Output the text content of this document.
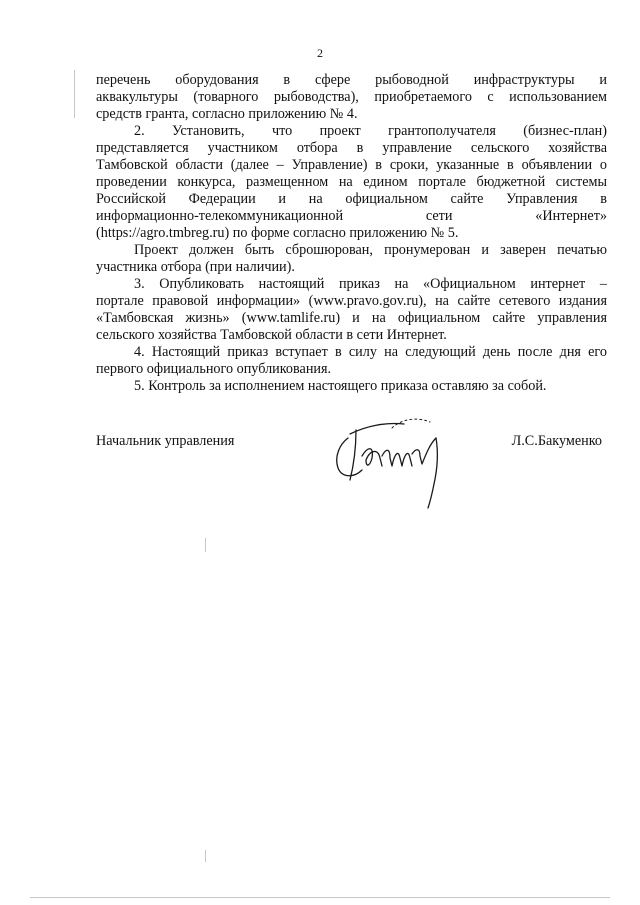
2

перечень оборудования в сфере рыбоводной инфраструктуры и
аквакультуры (товарного рыбоводства), приобретаемого с использованием
средств гранта, согласно приложению № 4.

2. Установить, что проект грантополучателя (бизнес-план)
представляется участником отбора в управление сельского хозяйства
Тамбовской области (далее – Управление) в сроки, указанные в объявлении о
проведении конкурса, размещенном на едином портале бюджетной системы
Российской Федерации и на официальном сайте Управления в
информационно-телекоммуникационной сети «Интернет»
(https://agro.tmbreg.ru) по форме согласно приложению № 5.

Проект должен быть сброшюрован, пронумерован и заверен печатью
участника отбора (при наличии).

3. Опубликовать настоящий приказ на «Официальном интернет –
портале правовой информации» (www.pravo.gov.ru), на сайте сетевого издания
«Тамбовская жизнь» (www.tamlife.ru) и на официальном сайте управления
сельского хозяйства Тамбовской области в сети Интернет.

4. Настоящий приказ вступает в силу на следующий день после дня его
первого официального опубликования.

5. Контроль за исполнением настоящего приказа оставляю за собой.

Начальник управления	Л.С.Бакуменко
